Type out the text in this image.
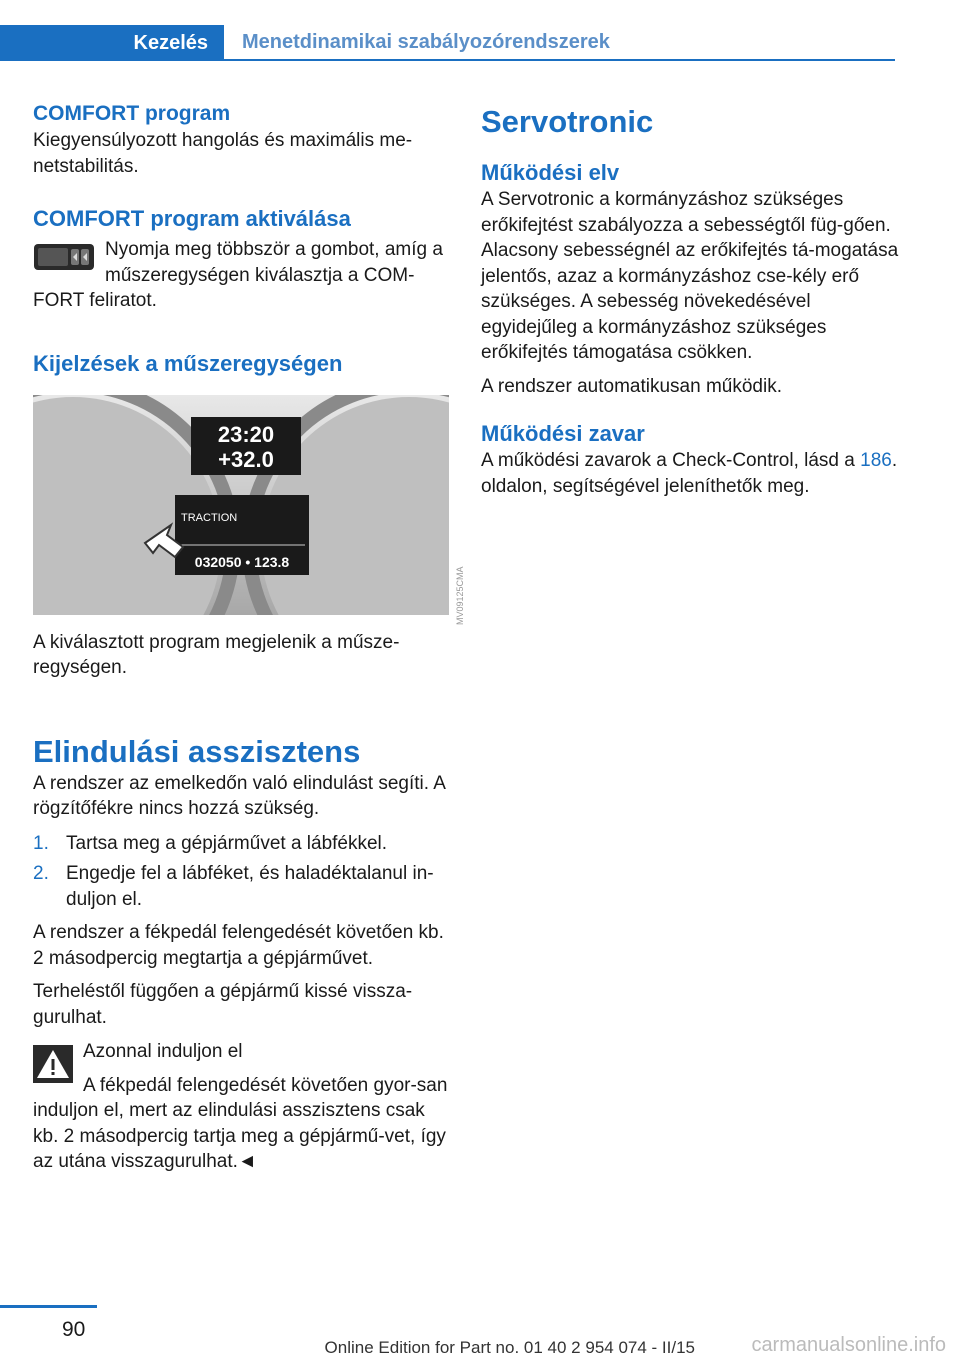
Kezelés	Menetdinamikai szabályozórendszerek
COMFORT program

Kiegyensúlyozott hangolás és maximális me-netstabilitás.

COMFORT program aktiválása

Nyomja meg többször a gombot, amíg a műszeregységen kiválasztja a COM-FORT feliratot.

Kijelzések a műszeregységen
23:20
+32.0
TRACTION
032050 • 123.8
MV09125CMA

A kiválasztott program megjelenik a műsze-regységen.

Elindulási asszisztens

A rendszer az emelkedőn való elindulást segíti. A rögzítőfékre nincs hozzá szükség.

1. Tartsa meg a gépjárművet a lábfékkel.
2. Engedje fel a lábféket, és haladéktalanul in-duljon el.

A rendszer a fékpedál felengedését követően kb. 2 másodpercig megtartja a gépjárművet.

Terheléstől függően a gépjármű kissé vissza-gurulhat.

Azonnal induljon el

A fékpedál felengedését követően gyor-san induljon el, mert az elindulási asszisztens csak kb. 2 másodpercig tartja meg a gépjármű-vet, így az utána visszagurulhat.◄

Servotronic
Működési elv

A Servotronic a kormányzáshoz szükséges erőkifejtést szabályozza a sebességtől füg-gően. Alacsony sebességnél az erőkifejtés tá-mogatása jelentős, azaz a kormányzáshoz cse-kély erő szükséges. A sebesség növekedésével egyidejűleg a kormányzáshoz szükséges erőkifejtés támogatása csökken.

A rendszer automatikusan működik.

Működési zavar

A működési zavarok a Check-Control, lásd a 186. oldalon, segítségével jeleníthetők meg.

90
Online Edition for Part no. 01 40 2 954 074 - II/15	carmanualsonline.info
